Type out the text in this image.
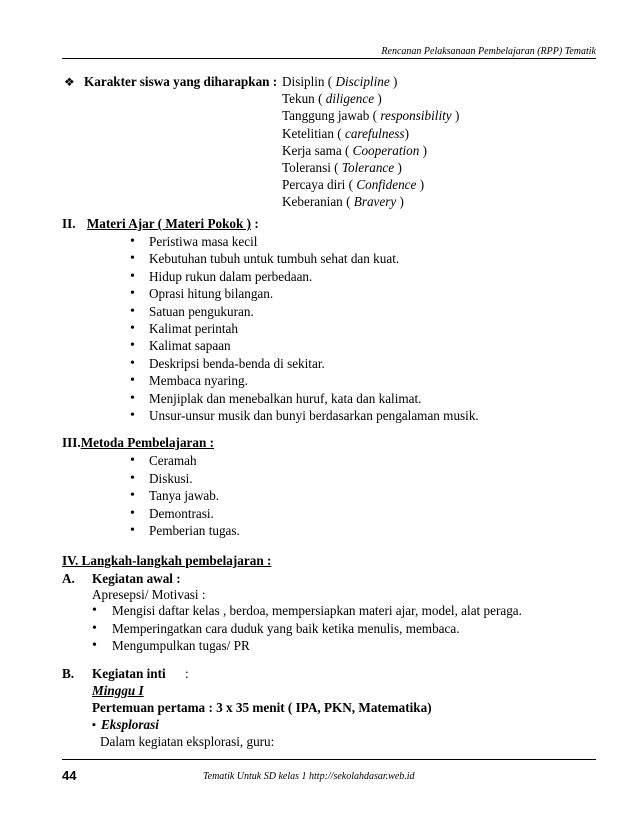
Rencanan Pelaksanaan Pembelajaran (RPP) Tematik
❖ Karakter siswa yang diharapkan : Disiplin ( Discipline )
Tekun ( diligence )
Tanggung jawab ( responsibility )
Ketelitian ( carefulness)
Kerja sama ( Cooperation )
Toleransi ( Tolerance )
Percaya diri ( Confidence )
Keberanian ( Bravery )
II. Materi Ajar ( Materi Pokok ) :
• Peristiwa masa kecil
• Kebutuhan tubuh untuk tumbuh sehat dan kuat.
• Hidup rukun dalam perbedaan.
• Oprasi hitung bilangan.
• Satuan pengukuran.
• Kalimat perintah
• Kalimat sapaan
• Deskripsi benda-benda di sekitar.
• Membaca nyaring.
• Menjiplak dan menebalkan huruf, kata dan kalimat.
• Unsur-unsur musik dan bunyi berdasarkan pengalaman musik.
III.Metoda Pembelajaran :
• Ceramah
• Diskusi.
• Tanya jawab.
• Demontrasi.
• Pemberian tugas.
IV. Langkah-langkah pembelajaran :
A. Kegiatan awal :
Apresepsi/ Motivasi :
• Mengisi daftar kelas , berdoa, mempersiapkan materi ajar, model, alat peraga.
• Memperingatkan cara duduk yang baik ketika menulis, membaca.
• Mengumpulkan tugas/ PR
B. Kegiatan inti :
Minggu I
Pertemuan pertama : 3 x 35 menit ( IPA, PKN, Matematika)
▪ Eksplorasi
Dalam kegiatan eksplorasi, guru:
44	Tematik Untuk SD kelas 1 http://sekolahdasar.web.id
